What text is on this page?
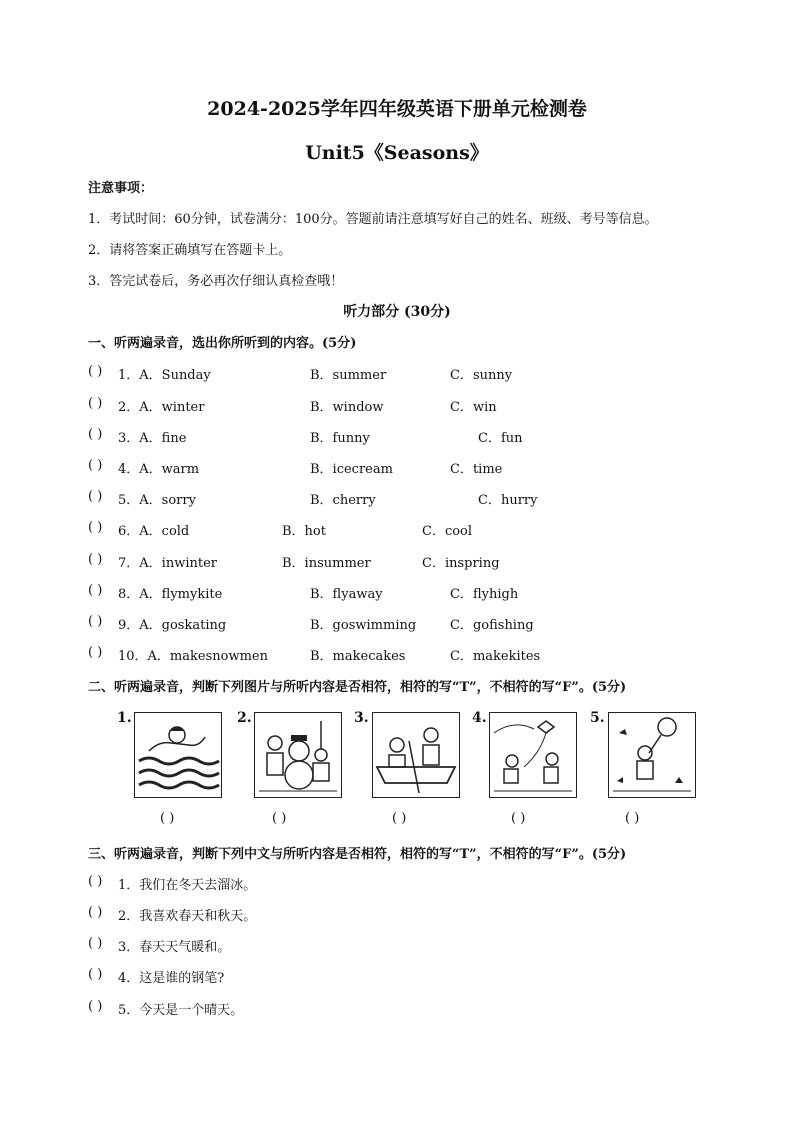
2024-2025学年四年级英语下册单元检测卷
Unit5《Seasons》
注意事项：
1．考试时间：60分钟，试卷满分：100分。答题前请注意填写好自己的姓名、班级、考号等信息。
2．请将答案正确填写在答题卡上。
3．答完试卷后，务必再次仔细认真检查哦！
听力部分 (30分)
一、听两遍录音，选出你所听到的内容。(5分)
( ) 1．A．Sunday	B．summer	C．sunny
( ) 2．A．winter	B．window	C．win
( ) 3．A．fine	B．funny	C．fun
( ) 4．A．warm	B．icecream	C．time
( ) 5．A．sorry	B．cherry	C．hurry
( ) 6．A．cold	B．hot	C．cool
( ) 7．A．inwinter	B．insummer	C．inspring
( ) 8．A．flymykite	B．flyaway	C．flyhigh
( ) 9．A．goskating	B．goswimming	C．gofishing
( ) 10．A．makesnowmen	B．makecakes	C．makekites
二、听两遍录音，判断下列图片与所听内容是否相符，相符的写“T”，不相符的写“F”。(5分)
1.	2.	3.	4.	5.
( )	( )	( )	( )	( )
三、听两遍录音，判断下列中文与所听内容是否相符，相符的写“T”，不相符的写“F”。(5分)
( ) 1．我们在冬天去溜冰。
( ) 2．我喜欢春天和秋天。
( ) 3．春天天气暖和。
( ) 4．这是谁的钢笔?
( ) 5．今天是一个晴天。
